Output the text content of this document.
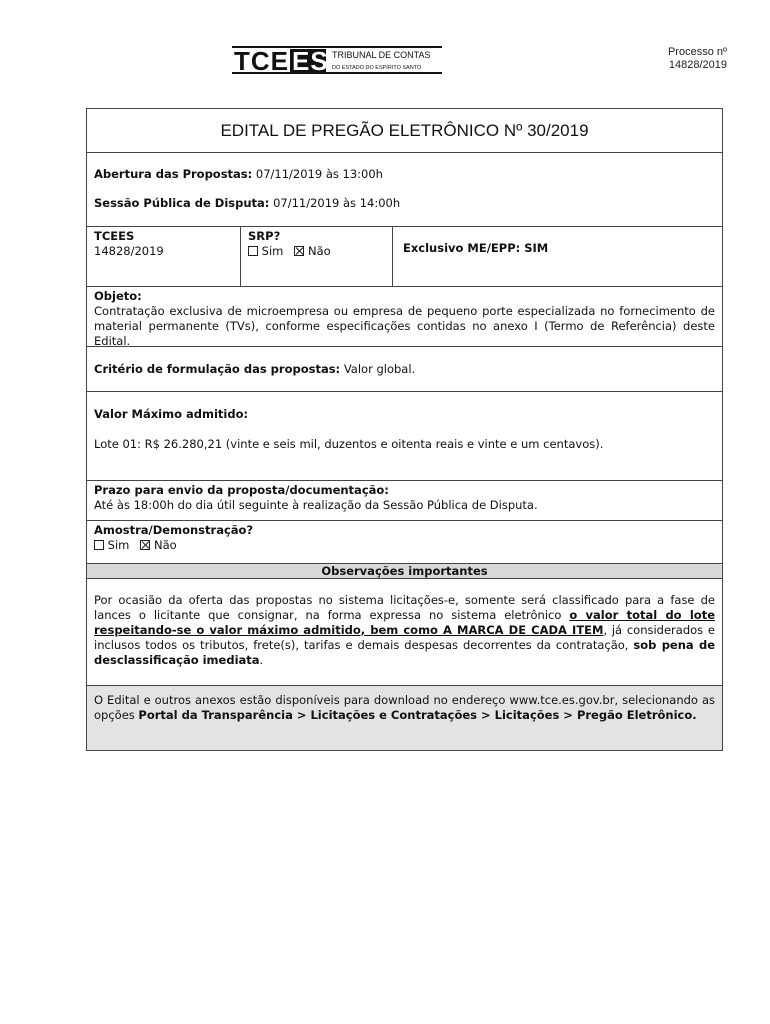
TCE ES TRIBUNAL DE CONTAS
DO ESTADO DO ESPÍRITO SANTO
Processo nº
14828/2019
EDITAL DE PREGÃO ELETRÔNICO Nº 30/2019
Abertura das Propostas: 07/11/2019 às 13:00h
Sessão Pública de Disputa: 07/11/2019 às 14:00h
TCEES
14828/2019
SRP?
Sim Não	Exclusivo ME/EPP: SIM
Objeto:
Contratação exclusiva de microempresa ou empresa de pequeno porte especializada no fornecimento de material permanente (TVs), conforme especificações contidas no anexo I (Termo de Referência) deste Edital.
Critério de formulação das propostas: Valor global.
Valor Máximo admitido:
Lote 01: R$ 26.280,21 (vinte e seis mil, duzentos e oitenta reais e vinte e um centavos).
Prazo para envio da proposta/documentação:
Até às 18:00h do dia útil seguinte à realização da Sessão Pública de Disputa.
Amostra/Demonstração?
Sim Não
Observações importantes
Por ocasião da oferta das propostas no sistema licitações-e, somente será classificado para a fase de lances o licitante que consignar, na forma expressa no sistema eletrônico o valor total do lote respeitando-se o valor máximo admitido, bem como A MARCA DE CADA ITEM, já considerados e inclusos todos os tributos, frete(s), tarifas e demais despesas decorrentes da contratação, sob pena de desclassificação imediata.
O Edital e outros anexos estão disponíveis para download no endereço www.tce.es.gov.br, selecionando as opções Portal da Transparência > Licitações e Contratações > Licitações > Pregão Eletrônico.
